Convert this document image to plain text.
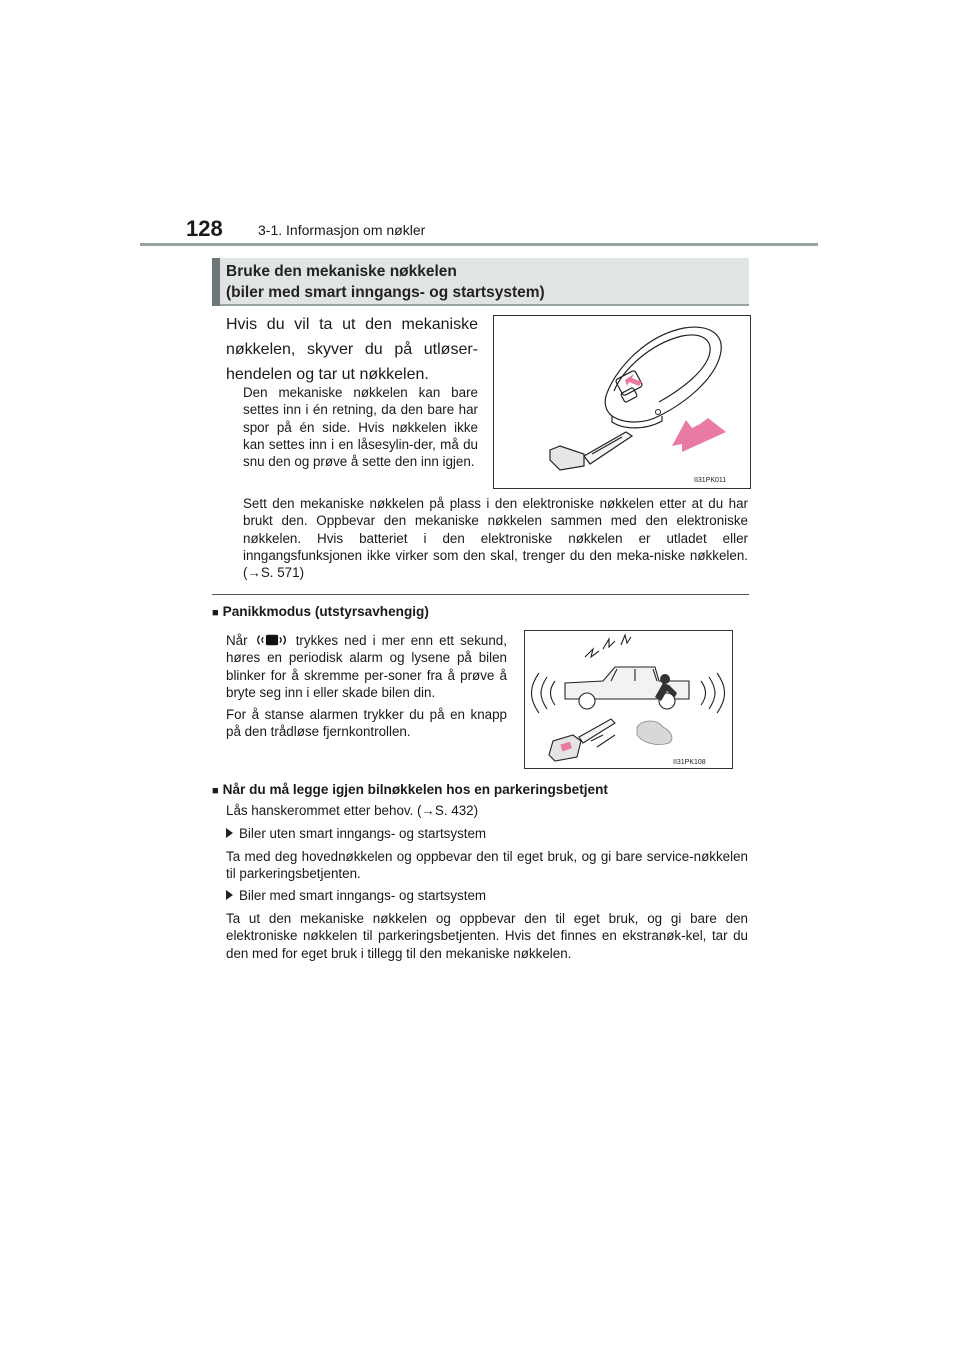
128	3-1. Informasjon om nøkler
Bruke den mekaniske nøkkelen
(biler med smart inngangs- og startsystem)
Hvis du vil ta ut den mekaniske nøkkelen, skyver du på utløser-hendelen og tar ut nøkkelen.
Den mekaniske nøkkelen kan bare settes inn i én retning, da den bare har spor på én side. Hvis nøkkelen ikke kan settes inn i en låsesylin-der, må du snu den og prøve å sette den inn igjen.
II31PK011
Sett den mekaniske nøkkelen på plass i den elektroniske nøkkelen etter at du har brukt den. Oppbevar den mekaniske nøkkelen sammen med den elektroniske nøkkelen. Hvis batteriet i den elektroniske nøkkelen er utladet eller inngangsfunksjonen ikke virker som den skal, trenger du den meka-niske nøkkelen. (→S. 571)
■ Panikkmodus (utstyrsavhengig)

Når	trykkes ned i mer enn ett sekund, høres en periodisk alarm og lysene på bilen blinker for å skremme per-soner fra å prøve å bryte seg inn i eller skade bilen din.

For å stanse alarmen trykker du på en knapp på den trådløse fjernkontrollen.

II31PK108
■ Når du må legge igjen bilnøkkelen hos en parkeringsbetjent
Lås hanskerommet etter behov. (→S. 432)
Biler uten smart inngangs- og startsystem
Ta med deg hovednøkkelen og oppbevar den til eget bruk, og gi bare service-nøkkelen til parkeringsbetjenten.
Biler med smart inngangs- og startsystem
Ta ut den mekaniske nøkkelen og oppbevar den til eget bruk, og gi bare den elektroniske nøkkelen til parkeringsbetjenten. Hvis det finnes en ekstranøk-kel, tar du den med for eget bruk i tillegg til den mekaniske nøkkelen.
